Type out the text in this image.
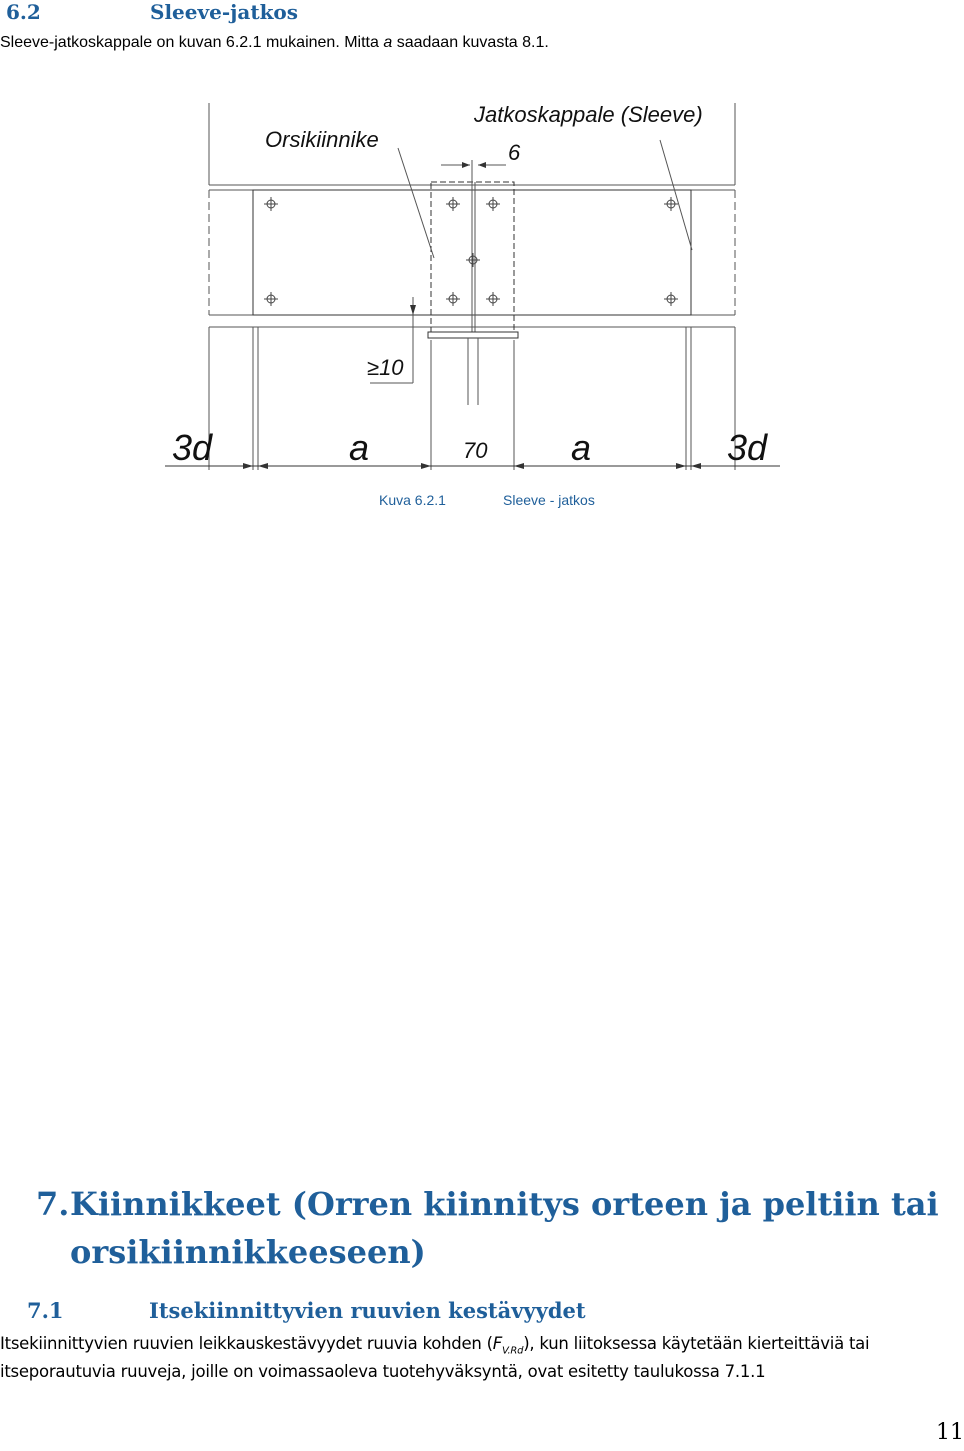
6.2	Sleeve-jatkos
Sleeve-jatkoskappale on kuvan 6.2.1 mukainen. Mitta a saadaan kuvasta 8.1.
Jatkoskappale (Sleeve)
Orsikiinnike
6
≥10
3d	a	70 a	3d
Kuva 6.2.1	Sleeve - jatkos
7. Kiinnikkeet (Orren kiinnitys orteen ja peltiin tai
orsikiinnikkeeseen)
7.1	Itsekiinnittyvien ruuvien kestävyydet
Itsekiinnittyvien ruuvien leikkauskestävyydet ruuvia kohden $(F_{V.Rd})$, kun liitoksessa käytetään kierteittäviä tai
itseporautuvia ruuveja, joille on voimassaoleva tuotehyväksyntä, ovat esitetty taulukossa 7.1.1
11
